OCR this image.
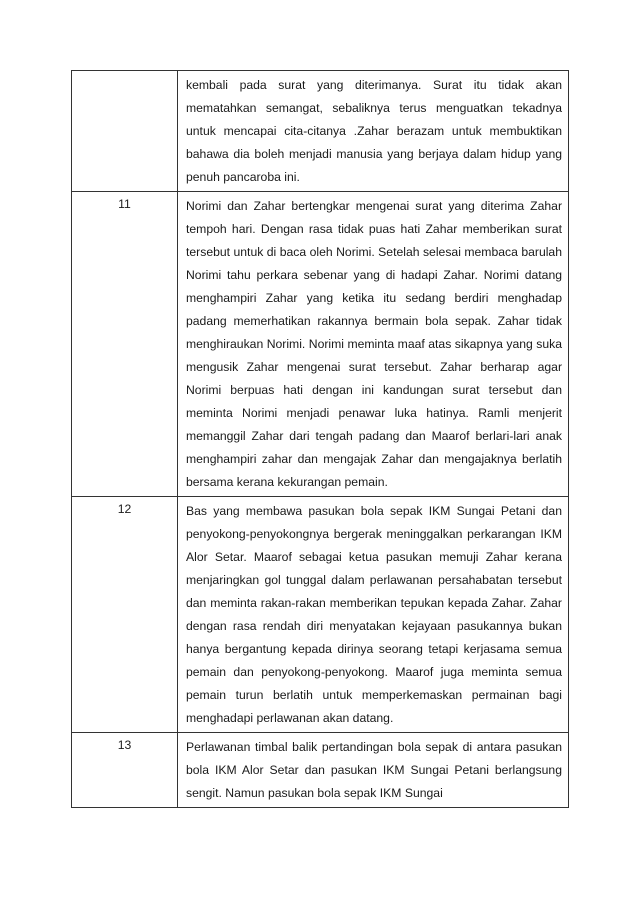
	kembali pada surat yang diterimanya. Surat itu tidak akan mematahkan semangat, sebaliknya terus menguatkan tekadnya untuk mencapai cita-citanya .Zahar berazam untuk membuktikan bahawa dia boleh menjadi manusia yang berjaya dalam hidup yang penuh pancaroba ini.
11	Norimi dan Zahar bertengkar mengenai surat yang diterima Zahar tempoh hari. Dengan rasa tidak puas hati Zahar memberikan surat tersebut untuk di baca oleh Norimi. Setelah selesai membaca barulah Norimi tahu perkara sebenar yang di hadapi Zahar. Norimi datang menghampiri Zahar yang ketika itu sedang berdiri menghadap padang memerhatikan rakannya bermain bola sepak. Zahar tidak menghiraukan Norimi. Norimi meminta maaf atas sikapnya yang suka mengusik Zahar mengenai surat tersebut. Zahar berharap agar Norimi berpuas hati dengan ini kandungan surat tersebut dan meminta Norimi menjadi penawar luka hatinya. Ramli menjerit memanggil Zahar dari tengah padang dan Maarof berlari-lari anak menghampiri zahar dan mengajak Zahar dan mengajaknya berlatih bersama kerana kekurangan pemain.
12	Bas yang membawa pasukan bola sepak IKM Sungai Petani dan penyokong-penyokongnya bergerak meninggalkan perkarangan IKM Alor Setar. Maarof sebagai ketua pasukan memuji Zahar kerana menjaringkan gol tunggal dalam perlawanan persahabatan tersebut dan meminta rakan-rakan memberikan tepukan kepada Zahar. Zahar dengan rasa rendah diri menyatakan kejayaan pasukannya bukan hanya bergantung kepada dirinya seorang tetapi kerjasama semua pemain dan penyokong-penyokong. Maarof juga meminta semua pemain turun berlatih untuk memperkemaskan permainan bagi menghadapi perlawanan akan datang.
13	Perlawanan timbal balik pertandingan bola sepak di antara pasukan bola IKM Alor Setar dan pasukan IKM Sungai Petani berlangsung sengit. Namun pasukan bola sepak IKM Sungai
